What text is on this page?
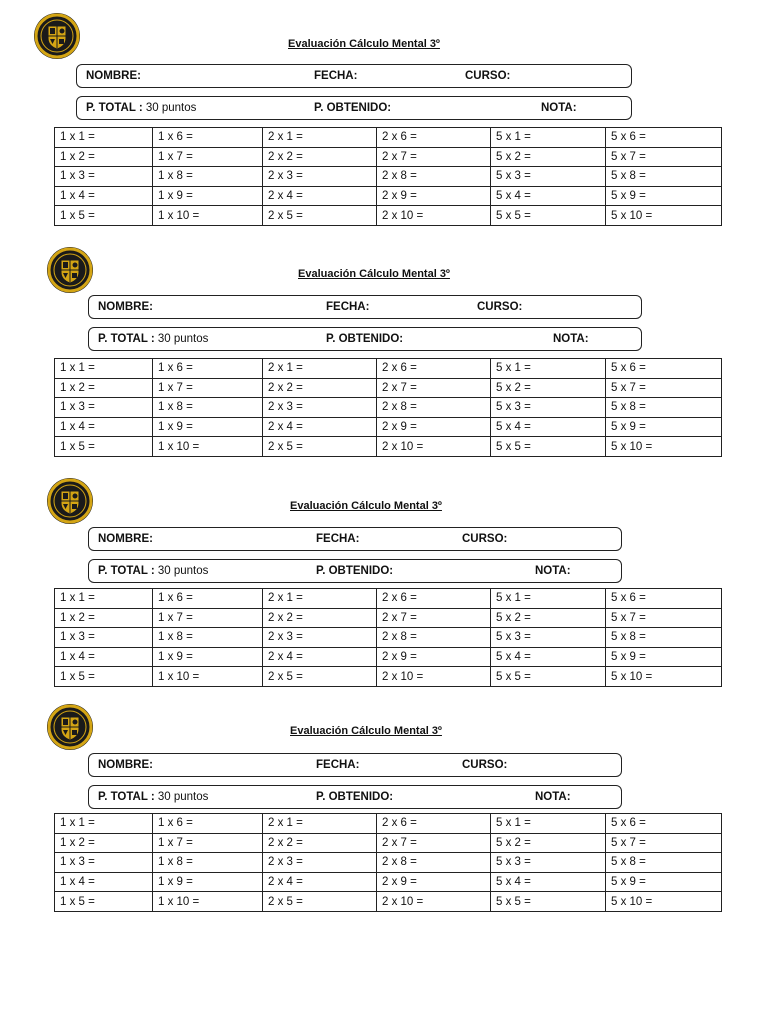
Evaluación Cálculo Mental 3º
NOMBRE:	FECHA:	CURSO:
P. TOTAL : 30 puntos	P. OBTENIDO:	NOTA:
1 x 1 =	1 x 6 =	2 x 1 =	2 x 6 =	5 x 1 =	5 x 6 =
1 x 2 =	1 x 7 =	2 x 2 =	2 x 7 =	5 x 2 =	5 x 7 =
1 x 3 =	1 x 8 =	2 x 3 =	2 x 8 =	5 x 3 =	5 x 8 =
1 x 4 =	1 x 9 =	2 x 4 =	2 x 9 =	5 x 4 =	5 x 9 =
1 x 5 =	1 x 10 =	2 x 5 =	2 x 10 =	5 x 5 =	5 x 10 =
Evaluación Cálculo Mental 3º
NOMBRE:	FECHA:	CURSO:
P. TOTAL : 30 puntos	P. OBTENIDO:	NOTA:
1 x 1 =	1 x 6 =	2 x 1 =	2 x 6 =	5 x 1 =	5 x 6 =
1 x 2 =	1 x 7 =	2 x 2 =	2 x 7 =	5 x 2 =	5 x 7 =
1 x 3 =	1 x 8 =	2 x 3 =	2 x 8 =	5 x 3 =	5 x 8 =
1 x 4 =	1 x 9 =	2 x 4 =	2 x 9 =	5 x 4 =	5 x 9 =
1 x 5 =	1 x 10 =	2 x 5 =	2 x 10 =	5 x 5 =	5 x 10 =
Evaluación Cálculo Mental 3º
NOMBRE:	FECHA:	CURSO:
P. TOTAL : 30 puntos	P. OBTENIDO:	NOTA:
1 x 1 =	1 x 6 =	2 x 1 =	2 x 6 =	5 x 1 =	5 x 6 =
1 x 2 =	1 x 7 =	2 x 2 =	2 x 7 =	5 x 2 =	5 x 7 =
1 x 3 =	1 x 8 =	2 x 3 =	2 x 8 =	5 x 3 =	5 x 8 =
1 x 4 =	1 x 9 =	2 x 4 =	2 x 9 =	5 x 4 =	5 x 9 =
1 x 5 =	1 x 10 =	2 x 5 =	2 x 10 =	5 x 5 =	5 x 10 =
Evaluación Cálculo Mental 3º
NOMBRE:	FECHA:	CURSO:
P. TOTAL : 30 puntos	P. OBTENIDO:	NOTA:
1 x 1 =	1 x 6 =	2 x 1 =	2 x 6 =	5 x 1 =	5 x 6 =
1 x 2 =	1 x 7 =	2 x 2 =	2 x 7 =	5 x 2 =	5 x 7 =
1 x 3 =	1 x 8 =	2 x 3 =	2 x 8 =	5 x 3 =	5 x 8 =
1 x 4 =	1 x 9 =	2 x 4 =	2 x 9 =	5 x 4 =	5 x 9 =
1 x 5 =	1 x 10 =	2 x 5 =	2 x 10 =	5 x 5 =	5 x 10 =
